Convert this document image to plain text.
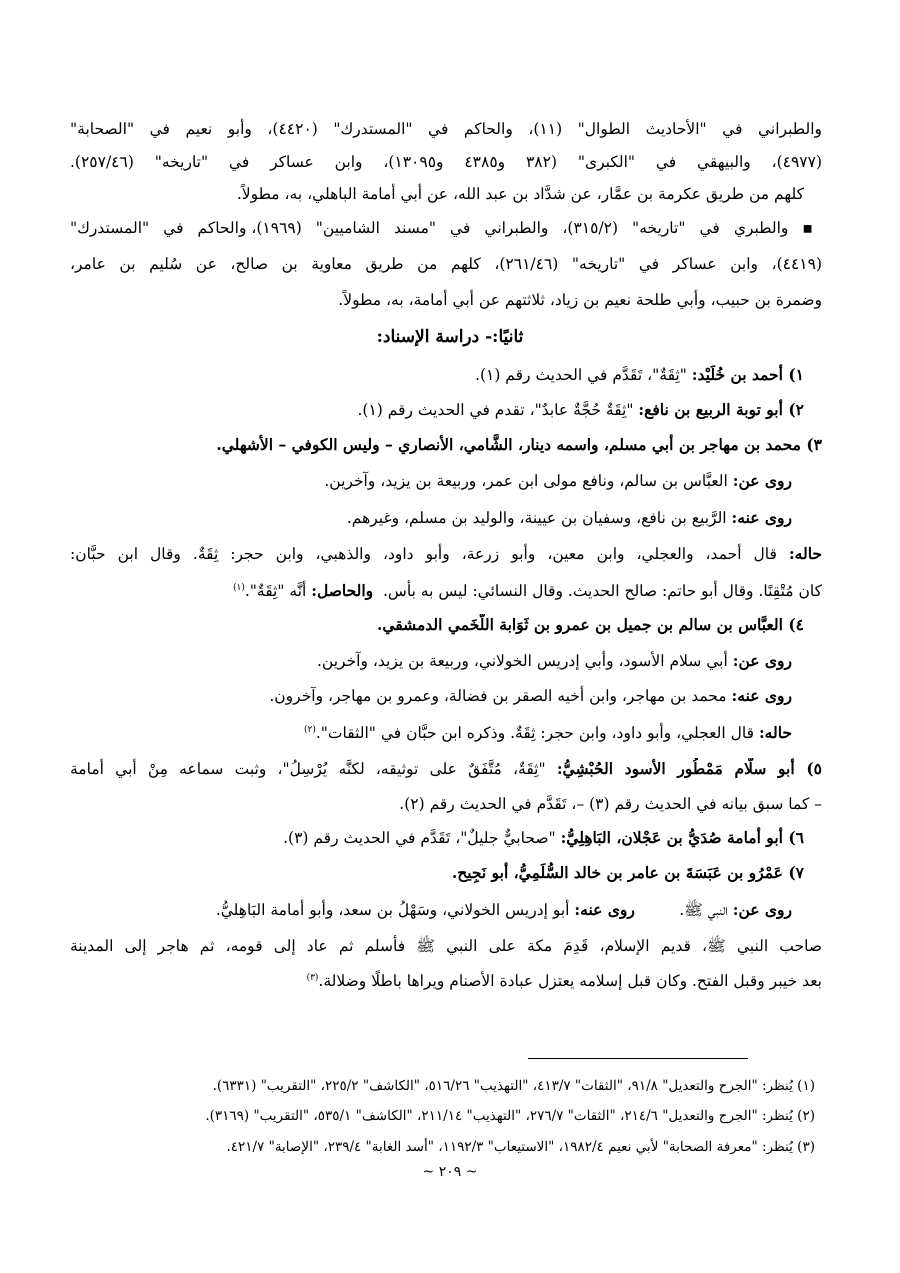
والطبراني في "الأحاديث الطوال" (١١)، والحاكم في "المستدرك" (٤٤٢٠)، وأبو نعيم في "الصحابة"
(٤٩٧٧)، والبيهقي في "الكبرى" (٣٨٢ و٤٣٨٥ و١٣٠٩٥)، وابن عساكر في "تاريخه" (٢٥٧/٤٦).
كلهم من طريق عكرمة بن عمَّار، عن شدَّاد بن عبد الله، عن أبي أمامة الباهلي، به، مطولاً.
▪ والطبري في "تاريخه" (٣١٥/٢)، والطبراني في "مسند الشاميين" (١٩٦٩)، والحاكم في "المستدرك"
(٤٤١٩)، وابن عساكر في "تاريخه" (٢٦١/٤٦)، كلهم من طريق معاوية بن صالح، عن سُليم بن عامر،
وضمرة بن حبيب، وأبي طلحة نعيم بن زياد، ثلاثتهم عن أبي أمامة، به، مطولاً.
ثانيًا:- دراسة الإسناد:
١) أحمد بن خُلَيْد: "ثِقَةٌ"، تَقَدَّم في الحديث رقم (١).
٢) أبو توبة الربيع بن نافع: "ثِقَةٌ حُجَّةٌ عابدٌ"، تقدم في الحديث رقم (١).
٣) محمد بن مهاجر بن أبي مسلم، واسمه دينار، الشَّامي، الأنصاري – وليس الكوفي – الأشهلي.
روى عن: العبَّاس بن سالم، ونافع مولى ابن عمر، وربيعة بن يزيد، وآخرين.
روى عنه: الرَّبيع بن نافع، وسفيان بن عيينة، والوليد بن مسلم، وغيرهم.
حاله: قال أحمد، والعجلي، وابن معين، وأبو زرعة، وأبو داود، والذهبي، وابن حجر: ثِقَةٌ. وقال ابن حبَّان:
كان مُتْقِنًا. وقال أبو حاتم: صالح الحديث. وقال النسائي: ليس به بأس.  والحاصل: أنَّه "ثِقَةٌ".$^{(١)}$
٤) العبَّاس بن سالم بن جميل بن عمرو بن ثَوَابة اللَّخَمي الدمشقي.
روى عن: أبي سلام الأسود، وأبي إدريس الخولاني، وربيعة بن يزيد، وآخرين.
روى عنه: محمد بن مهاجر، وابن أخيه الصقر بن فضالة، وعمرو بن مهاجر، وآخرون.
حاله: قال العجلي، وأبو داود، وابن حجر: ثِقَةٌ. وذكره ابن حبَّان في "الثقات".$^{(٢)}$
٥) أبو سلَّام مَمْطُور الأسود الحُبْشِيُّ: "ثِقَةٌ، مُتَّفَقٌ على توثيقه، لكنَّه يُرْسِلُ"، وثبت سماعه مِنْ أبي أمامة
– كما سبق بيانه في الحديث رقم (٣) –، تَقَدَّم في الحديث رقم (٢).
٦) أبو أُمامة صُدَيُّ بن عَجْلان، البَاهِلِيُّ: "صحابيٌّ جليلٌ"، تَقَدَّم في الحديث رقم (٣).
٧) عَمْرُو بن عَبَسَةَ بن عامر بن خالد السُّلَمِيُّ، أبو نَجِيح.
روى عن: النبي ﷺ.         روى عنه: أبو إدريس الخولاني، وسَهْلُ بن سعد، وأبو أمامة البَاهِليُّ.
صاحب النبي ﷺ، قديم الإسلام، قَدِمَ مكة على النبي ﷺ فأسلم ثم عاد إلى قومه، ثم هاجر إلى المدينة
بعد خيبر وقبل الفتح. وكان قبل إسلامه يعتزل عبادة الأصنام ويراها باطلًا وضلالة.$^{(٣)}$
(١) يُنظر: "الجرح والتعديل" ٩١/٨، "الثقات" ٤١٣/٧، "التهذيب" ٥١٦/٢٦، "الكاشف" ٢٢٥/٢، "التقريب" (٦٣٣١).
(٢) يُنظر: "الجرح والتعديل" ٢١٤/٦، "الثقات" ٢٧٦/٧، "التهذيب" ٢١١/١٤، "الكاشف" ٥٣٥/١، "التقريب" (٣١٦٩).
(٣) يُنظر: "معرفة الصحابة" لأبي نعيم ١٩٨٢/٤، "الاستيعاب" ١١٩٢/٣، "أسد الغابة" ٢٣٩/٤، "الإصابة" ٤٢١/٧.
~ ٢٠٩ ~
